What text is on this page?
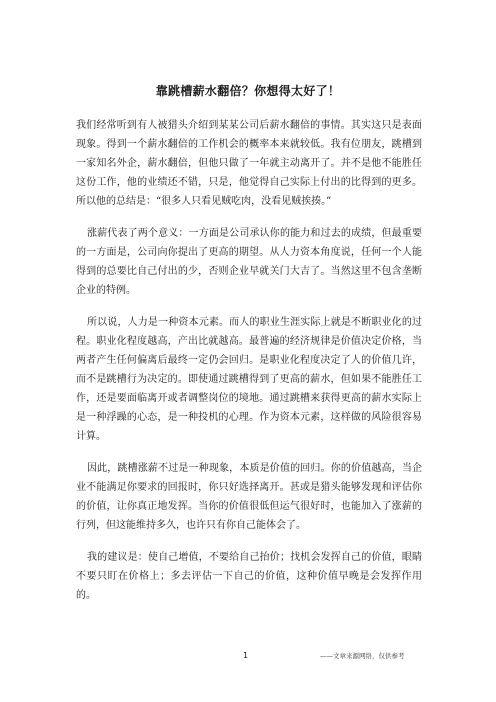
靠跳槽薪水翻倍？你想得太好了！

我们经常听到有人被猎头介绍到某某公司后薪水翻倍的事情。其实这只是表面现象。得到一个薪水翻倍的工作机会的概率本来就较低。我有位朋友，跳槽到一家知名外企，薪水翻倍，但他只做了一年就主动离开了。并不是他不能胜任这份工作，他的业绩还不错，只是，他觉得自己实际上付出的比得到的更多。所以他的总结是：“很多人只看见贼吃肉，没看见贼挨揍。”

涨薪代表了两个意义：一方面是公司承认你的能力和过去的成绩，但最重要的一方面是，公司向你提出了更高的期望。从人力资本角度说，任何一个人能得到的总要比自己付出的少，否则企业早就关门大吉了。当然这里不包含垄断企业的特例。

所以说，人力是一种资本元素。而人的职业生涯实际上就是不断职业化的过程。职业化程度越高，产出比就越高。最普遍的经济规律是价值决定价格，当两者产生任何偏离后最终一定仍会回归。是职业化程度决定了人的价值几许，而不是跳槽行为决定的。即使通过跳槽得到了更高的薪水，但如果不能胜任工作，还是要面临离开或者调整岗位的境地。通过跳槽来获得更高的薪水实际上是一种浮躁的心态，是一种投机的心理。作为资本元素，这样做的风险很容易计算。

因此，跳槽涨薪不过是一种现象，本质是价值的回归。你的价值越高，当企业不能满足你要求的回报时，你只好选择离开。甚或是猎头能够发现和评估你的价值，让你真正地发挥。当你的价值很低但运气很好时，也能加入了涨薪的行列，但这能维持多久，也许只有你自己能体会了。

我的建议是：使自己增值，不要给自己抬价；找机会发挥自己的价值，眼睛不要只盯在价格上；多去评估一下自己的价值，这种价值早晚是会发挥作用的。

1	——文章来源网络，仅供参考
